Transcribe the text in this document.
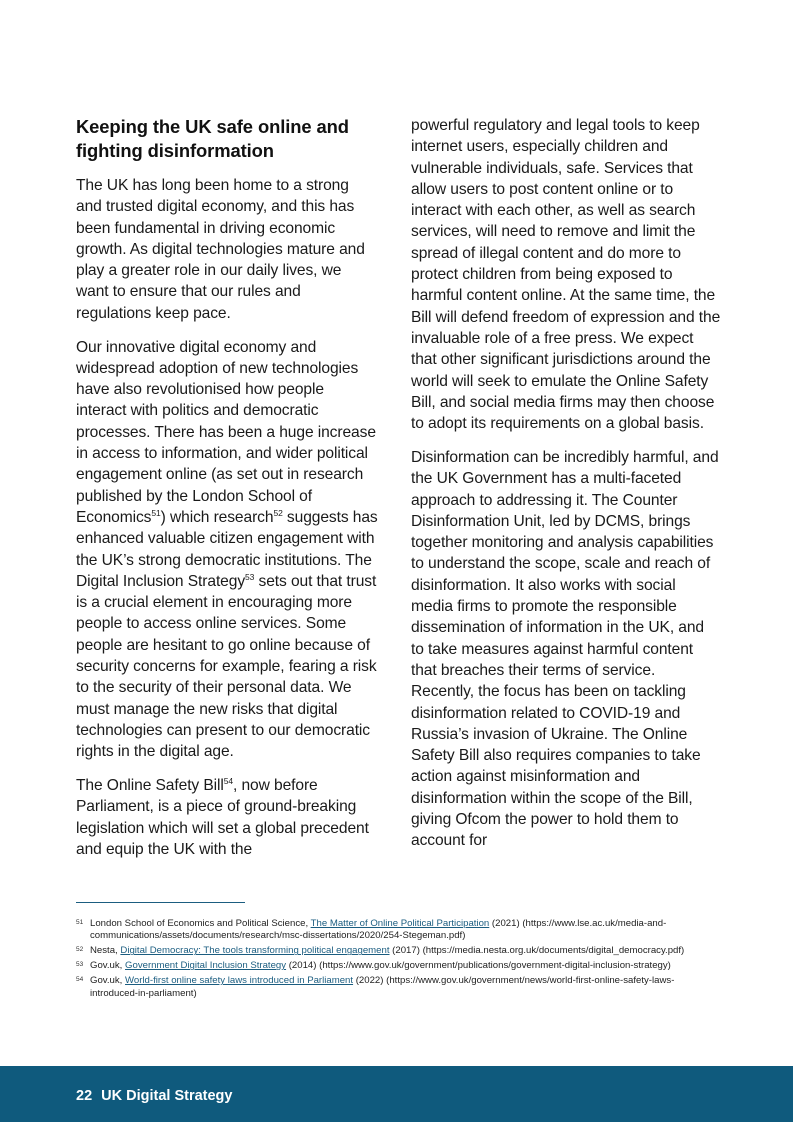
Keeping the UK safe online and fighting disinformation

The UK has long been home to a strong and trusted digital economy, and this has been fundamental in driving economic growth. As digital technologies mature and play a greater role in our daily lives, we want to ensure that our rules and regulations keep pace.

Our innovative digital economy and widespread adoption of new technologies have also revolutionised how people interact with politics and democratic processes. There has been a huge increase in access to information, and wider political engagement online (as set out in research published by the London School of Economics$^{51}$) which research$^{52}$ suggests has enhanced valuable citizen engagement with the UK’s strong democratic institutions. The Digital Inclusion Strategy$^{53}$ sets out that trust is a crucial element in encouraging more people to access online services. Some people are hesitant to go online because of security concerns for example, fearing a risk to the security of their personal data. We must manage the new risks that digital technologies can present to our democratic rights in the digital age.

The Online Safety Bill$^{54}$, now before Parliament, is a piece of ground-breaking legislation which will set a global precedent and equip the UK with the

powerful regulatory and legal tools to keep internet users, especially children and vulnerable individuals, safe. Services that allow users to post content online or to interact with each other, as well as search services, will need to remove and limit the spread of illegal content and do more to protect children from being exposed to harmful content online. At the same time, the Bill will defend freedom of expression and the invaluable role of a free press. We expect that other significant jurisdictions around the world will seek to emulate the Online Safety Bill, and social media firms may then choose to adopt its requirements on a global basis.

Disinformation can be incredibly harmful, and the UK Government has a multi-faceted approach to addressing it. The Counter Disinformation Unit, led by DCMS, brings together monitoring and analysis capabilities to understand the scope, scale and reach of disinformation. It also works with social media firms to promote the responsible dissemination of information in the UK, and to take measures against harmful content that breaches their terms of service. Recently, the focus has been on tackling disinformation related to COVID-19 and Russia’s invasion of Ukraine. The Online Safety Bill also requires companies to take action against misinformation and disinformation within the scope of the Bill, giving Ofcom the power to hold them to account for

51 London School of Economics and Political Science, The Matter of Online Political Participation (2021) (https://www.lse.ac.uk/media-and-communications/assets/documents/research/msc-dissertations/2020/254-Stegeman.pdf)
52 Nesta, Digital Democracy: The tools transforming political engagement (2017) (https://media.nesta.org.uk/documents/digital_democracy.pdf)
53 Gov.uk, Government Digital Inclusion Strategy (2014) (https://www.gov.uk/government/publications/government-digital-inclusion-strategy)
54 Gov.uk, World-first online safety laws introduced in Parliament (2022) (https://www.gov.uk/government/news/world-first-online-safety-laws-introduced-in-parliament)
22 UK Digital Strategy
